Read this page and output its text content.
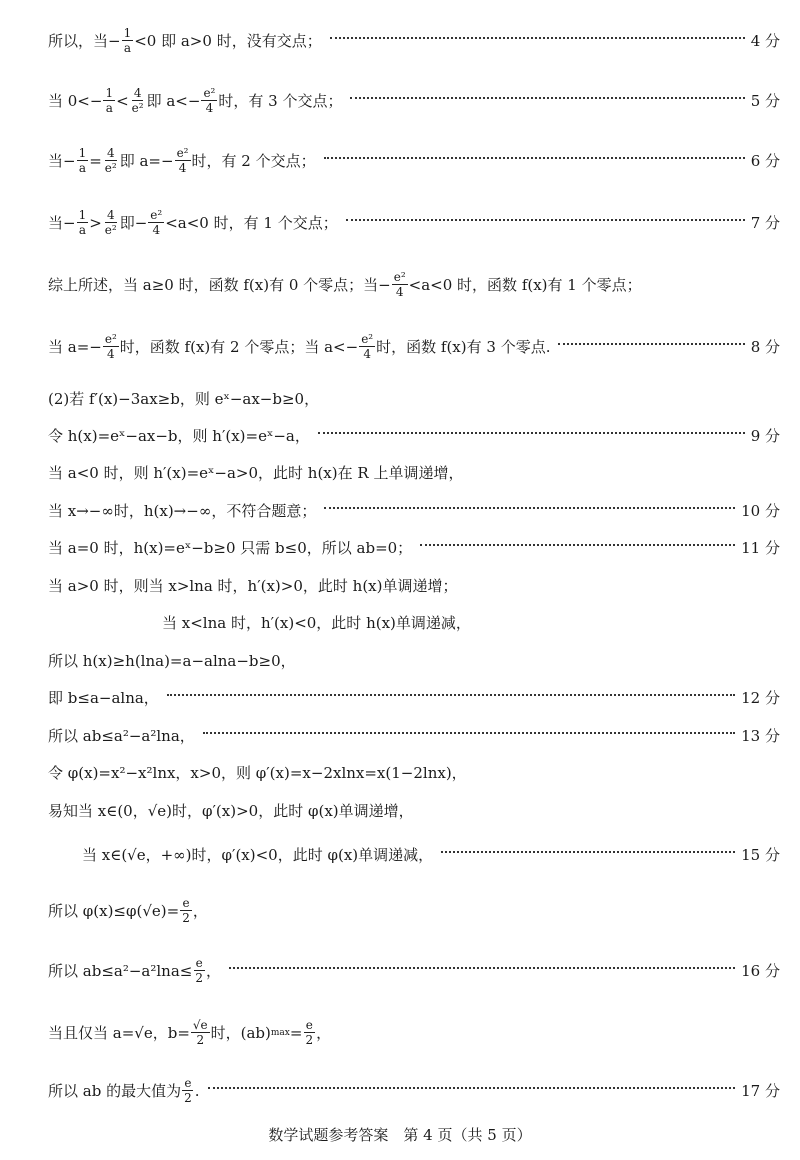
所以，当− $\frac{1}{a} <0$ 即 a>0 时，没有交点；	4 分
当 $0<- \frac{1}{a} < \frac{4}{\text{e²}}$ 即 $a<- \frac{\text{e²}}{4}$ 时，有 3 个交点；	5 分
当− $\frac{1}{a} = \frac{4}{\text{e²}}$ 即 $a=- \frac{\text{e²}}{4}$ 时，有 2 个交点；	6 分
当− $\frac{1}{a} > \frac{4}{\text{e²}}$ 即− $\frac{\text{e²}}{4} <a<0$ 时，有 1 个交点；	7 分
综上所述，当 a≥0 时，函数 f(x)有 0 个零点；当− $\frac{\text{e²}}{4} <a<0$ 时，函数 f(x)有 1 个零点；
当 $a=- \frac{\text{e²}}{4}$ 时，函数 f(x)有 2 个零点；当 $a<- \frac{\text{e²}}{4}$ 时，函数 f(x)有 3 个零点.	8 分
(2)若 f′(x)−3ax≥b，则 eˣ−ax−b≥0，
令 h(x)=eˣ−ax−b，则 h′(x)=eˣ−a，	9 分
当 a<0 时，则 h′(x)=eˣ−a>0，此时 h(x)在 R 上单调递增，
当 x→−∞时，h(x)→−∞，不符合题意；	10 分
当 a=0 时，h(x)=eˣ−b≥0 只需 b≤0，所以 ab=0；	11 分
当 a>0 时，则当 x>lna 时，h′(x)>0，此时 h(x)单调递增；
当 x<lna 时，h′(x)<0，此时 h(x)单调递减，
所以 h(x)≥h(lna)=a−alna−b≥0，
即 b≤a−alna，	12 分
所以 ab≤a²−a²lna，	13 分
令 φ(x)=x²−x²lnx，x>0，则 φ′(x)=x−2xlnx=x(1−2lnx)，
易知当 x∈(0，√e)时，φ′(x)>0，此时 φ(x)单调递增，
当 x∈(√e，+∞)时，φ′(x)<0，此时 φ(x)单调递减，	15 分
所以 $\varphi(x)\le\varphi(√e)= \frac{e}{2}$ ，
所以 $ab\le a^2-a^2\ln a\le \frac{e}{2}$ ，	16 分
当且仅当 a=√e，$b= \frac{√e}{2}$ 时，(ab) $\max = \frac{e}{2}$ ，
所以 ab 的最大值为 $\frac{e}{2}$ .	17 分
数学试题参考答案　第 4 页（共 5 页）
